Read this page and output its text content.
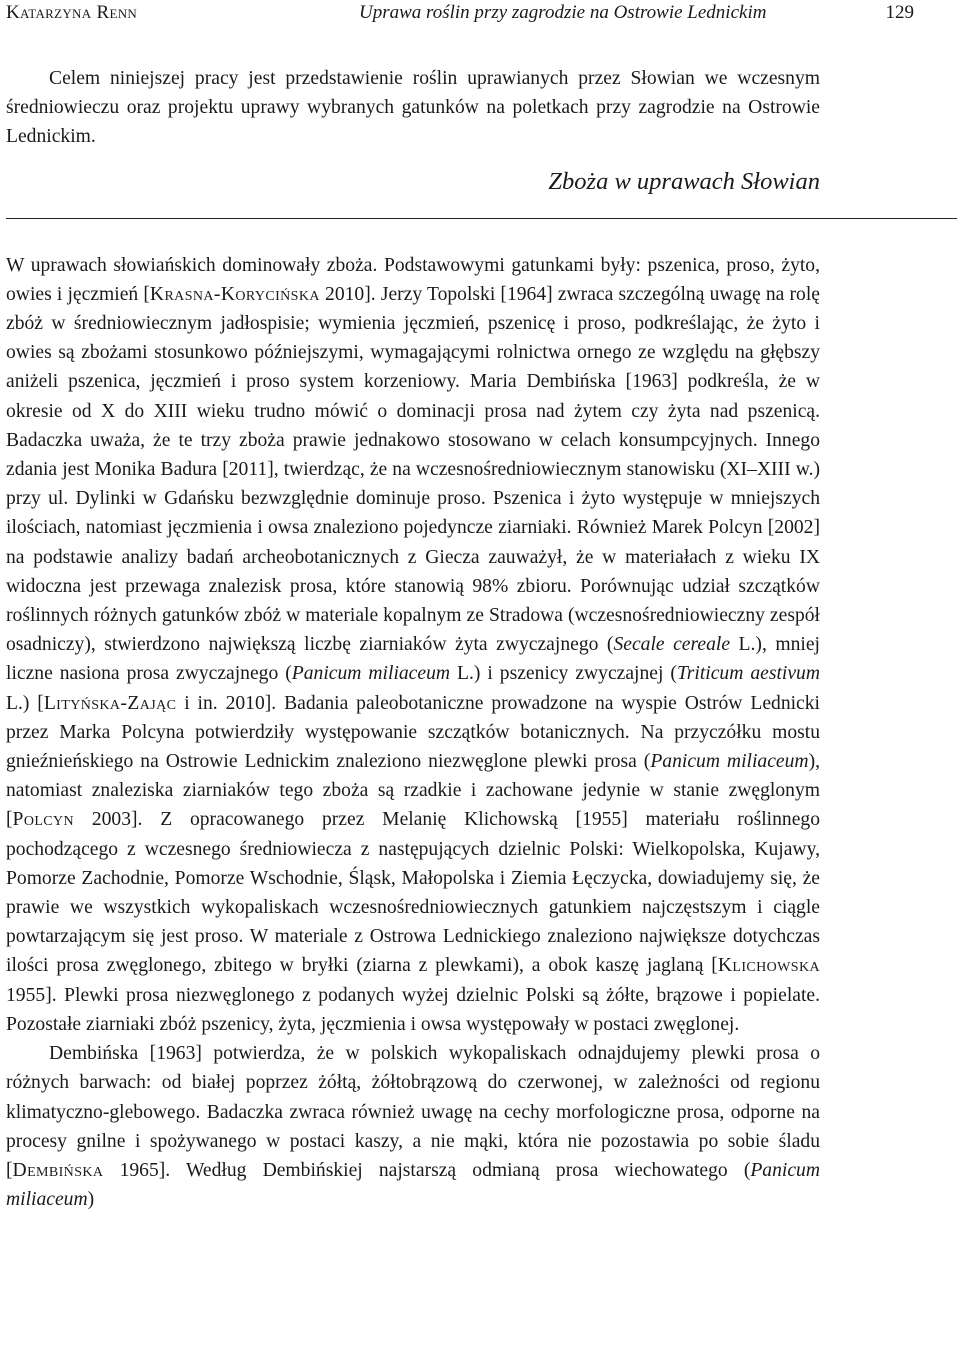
Katarzyna Renn	Uprawa roślin przy zagrodzie na Ostrowie Lednickim	129

Celem niniejszej pracy jest przedstawienie roślin uprawianych przez Słowian we wczesnym średniowieczu oraz projektu uprawy wybranych gatunków na poletkach przy zagrodzie na Ostrowie Lednickim.

Zboża w uprawach Słowian

W uprawach słowiańskich dominowały zboża. Podstawowymi gatunkami były: pszenica, proso, żyto, owies i jęczmień [Krasna-Korycińska 2010]. Jerzy Topolski [1964] zwraca szczególną uwagę na rolę zbóż w średniowiecznym jadłospisie; wymienia jęczmień, pszenicę i proso, podkreślając, że żyto i owies są zbożami stosunkowo późniejszymi, wymagającymi rolnictwa ornego ze względu na głębszy aniżeli pszenica, jęczmień i proso system korzeniowy. Maria Dembińska [1963] podkreśla, że w okresie od X do XIII wieku trudno mówić o dominacji prosa nad żytem czy żyta nad pszenicą. Badaczka uważa, że te trzy zboża prawie jednakowo stosowano w celach konsumpcyjnych. Innego zdania jest Monika Badura [2011], twierdząc, że na wczesnośredniowiecznym stanowisku (XI–XIII w.) przy ul. Dylinki w Gdańsku bezwzględnie dominuje proso. Pszenica i żyto występuje w mniejszych ilościach, natomiast jęczmienia i owsa znaleziono pojedyncze ziarniaki. Również Marek Polcyn [2002] na podstawie analizy badań archeobotanicznych z Giecza zauważył, że w materiałach z wieku IX widoczna jest przewaga znalezisk prosa, które stanowią 98% zbioru. Porównując udział szczątków roślinnych różnych gatunków zbóż w materiale kopalnym ze Stradowa (wczesnośredniowieczny zespół osadniczy), stwierdzono największą liczbę ziarniaków żyta zwyczajnego (Secale cereale L.), mniej liczne nasiona prosa zwyczajnego (Panicum miliaceum L.) i pszenicy zwyczajnej (Triticum aestivum L.) [Lityńska-Zając i in. 2010]. Badania paleobotaniczne prowadzone na wyspie Ostrów Lednicki przez Marka Polcyna potwierdziły występowanie szczątków botanicznych. Na przyczółku mostu gnieźnieńskiego na Ostrowie Lednickim znaleziono niezwęglone plewki prosa (Panicum miliaceum), natomiast znaleziska ziarniaków tego zboża są rzadkie i zachowane jedynie w stanie zwęglonym [Polcyn 2003]. Z opracowanego przez Melanię Klichowską [1955] materiału roślinnego pochodzącego z wczesnego średniowiecza z następujących dzielnic Polski: Wielkopolska, Kujawy, Pomorze Zachodnie, Pomorze Wschodnie, Śląsk, Małopolska i Ziemia Łęczycka, dowiadujemy się, że prawie we wszystkich wykopaliskach wczesnośredniowiecznych gatunkiem najczęstszym i ciągle powtarzającym się jest proso. W materiale z Ostrowa Lednickiego znaleziono największe dotychczas ilości prosa zwęglonego, zbitego w bryłki (ziarna z plewkami), a obok kaszę jaglaną [Klichowska 1955]. Plewki prosa niezwęglonego z podanych wyżej dzielnic Polski są żółte, brązowe i popielate. Pozostałe ziarniaki zbóż pszenicy, żyta, jęczmienia i owsa występowały w postaci zwęglonej.

Dembińska [1963] potwierdza, że w polskich wykopaliskach odnajdujemy plewki prosa o różnych barwach: od białej poprzez żółtą, żółtobrązową do czerwonej, w zależności od regionu klimatyczno-glebowego. Badaczka zwraca również uwagę na cechy morfologiczne prosa, odporne na procesy gnilne i spożywanego w postaci kaszy, a nie mąki, która nie pozostawia po sobie śladu [Dembińska 1965]. Według Dembińskiej najstarszą odmianą prosa wiechowatego (Panicum miliaceum)
